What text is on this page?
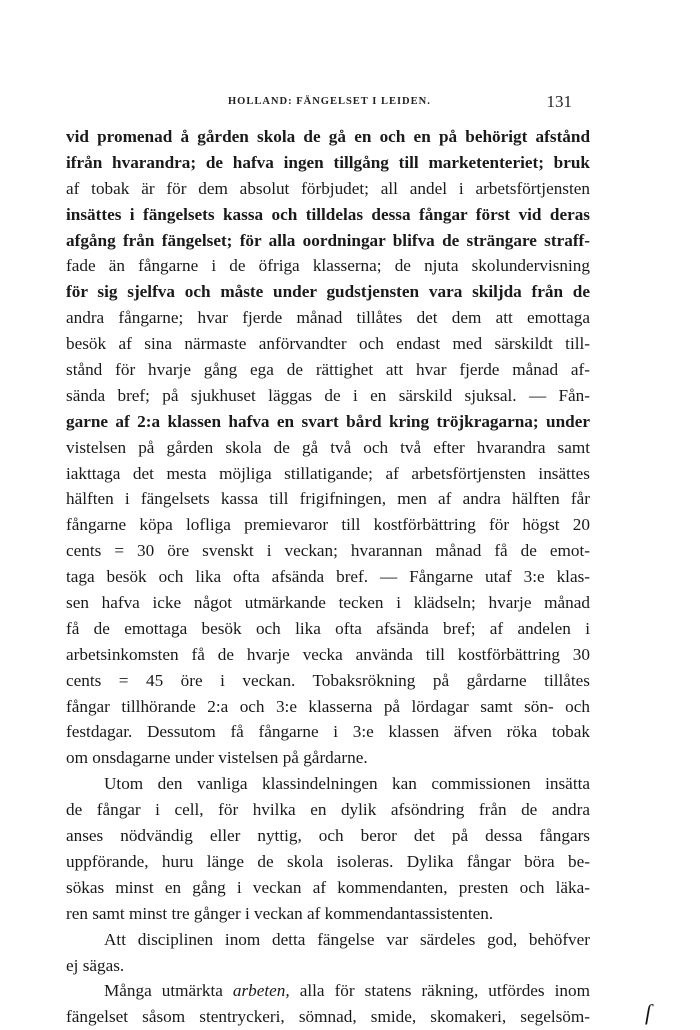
HOLLAND: FÄNGELSET I LEIDEN.	131
vid promenad å gården skola de gå en och en på behörigt afstånd
ifrån hvarandra; de hafva ingen tillgång till marketenteriet; bruk
af tobak är för dem absolut förbjudet; all andel i arbetsförtjensten
insättes i fängelsets kassa och tilldelas dessa fångar först vid deras
afgång från fängelset; för alla oordningar blifva de strängare straff-
fade än fångarne i de öfriga klasserna; de njuta skolundervisning
för sig sjelfva och måste under gudstjensten vara skiljda från de
andra fångarne; hvar fjerde månad tillåtes det dem att emottaga
besök af sina närmaste anförvandter och endast med särskildt till-
stånd för hvarje gång ega de rättighet att hvar fjerde månad af-
sända bref; på sjukhuset läggas de i en särskild sjuksal. — Fån-
garne af 2:a klassen hafva en svart bård kring tröjkragarna; under
vistelsen på gården skola de gå två och två efter hvarandra samt
iakttaga det mesta möjliga stillatigande; af arbetsförtjensten insättes
hälften i fängelsets kassa till frigifningen, men af andra hälften får
fångarne köpa lofliga premievaror till kostförbättring för högst 20
cents = 30 öre svenskt i veckan; hvarannan månad få de emot-
taga besök och lika ofta afsända bref. — Fångarne utaf 3:e klas-
sen hafva icke något utmärkande tecken i klädseln; hvarje månad
få de emottaga besök och lika ofta afsända bref; af andelen i
arbetsinkomsten få de hvarje vecka använda till kostförbättring 30
cents = 45 öre i veckan. Tobaksrökning på gårdarne tillåtes
fångar tillhörande 2:a och 3:e klasserna på lördagar samt sön- och
festdagar. Dessutom få fångarne i 3:e klassen äfven röka tobak
om onsdagarne under vistelsen på gårdarne.
Utom den vanliga klassindelningen kan commissionen insätta
de fångar i cell, för hvilka en dylik afsöndring från de andra
anses nödvändig eller nyttig, och beror det på dessa fångars
uppförande, huru länge de skola isoleras. Dylika fångar böra be-
sökas minst en gång i veckan af kommendanten, presten och läka-
ren samt minst tre gånger i veckan af kommendantassistenten.
Att disciplinen inom detta fängelse var särdeles god, behöfver
ej sägas.
Många utmärkta arbeten, alla för statens räkning, utfördes inom
fängelset såsom stentryckeri, sömnad, smide, skomakeri, segelsöm-	ſ
